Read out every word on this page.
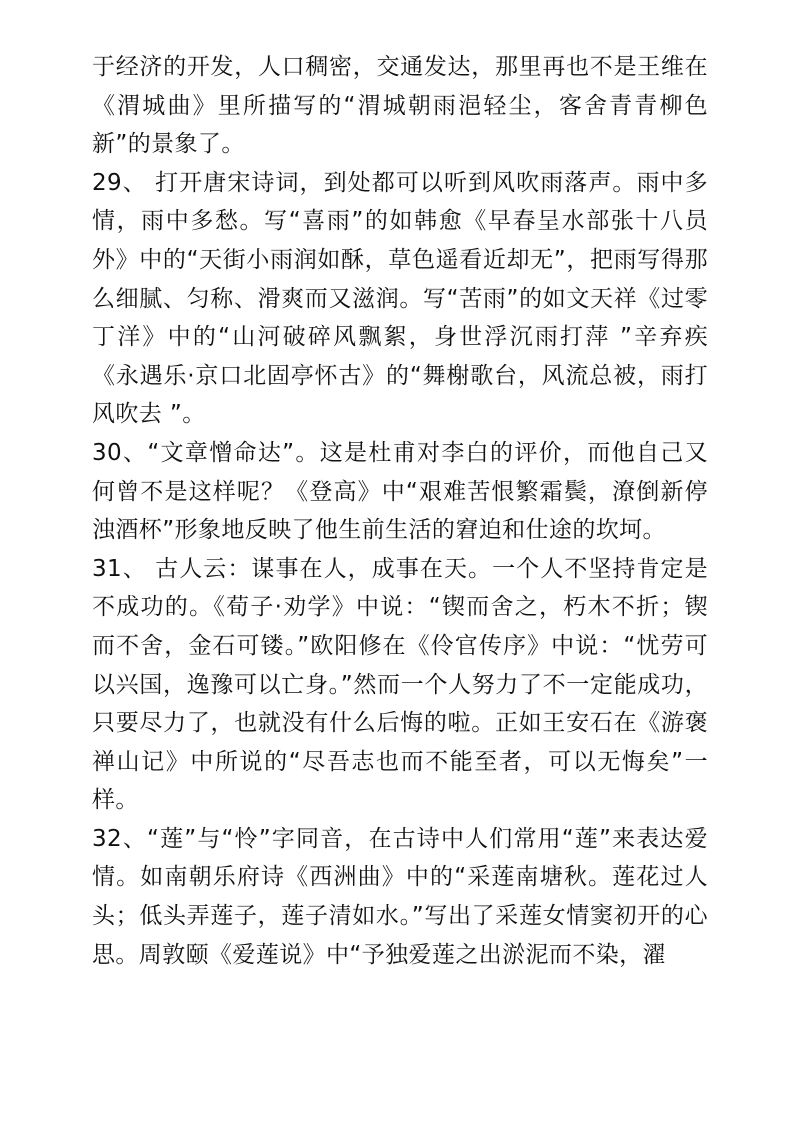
于经济的开发，人口稠密，交通发达，那里再也不是王维在《渭城曲》里所描写的“渭城朝雨浥轻尘，客舍青青柳色新”的景象了。

29、 打开唐宋诗词，到处都可以听到风吹雨落声。雨中多情，雨中多愁。写“喜雨”的如韩愈《早春呈水部张十八员外》中的“天街小雨润如酥，草色遥看近却无”，把雨写得那么细腻、匀称、滑爽而又滋润。写“苦雨”的如文天祥《过零丁洋》中的“山河破碎风飘絮，身世浮沉雨打萍 ”辛弃疾《永遇乐·京口北固亭怀古》的“舞榭歌台，风流总被，雨打风吹去 ”。

30、“文章憎命达”。这是杜甫对李白的评价，而他自己又何曾不是这样呢？《登高》中“艰难苦恨繁霜鬓，潦倒新停浊酒杯”形象地反映了他生前生活的窘迫和仕途的坎坷。

31、 古人云：谋事在人，成事在天。一个人不坚持肯定是不成功的。《荀子·劝学》中说：“锲而舍之，朽木不折；锲而不舍，金石可镂。”欧阳修在《伶官传序》中说：“忧劳可以兴国，逸豫可以亡身。”然而一个人努力了不一定能成功，只要尽力了，也就没有什么后悔的啦。正如王安石在《游褒禅山记》中所说的“尽吾志也而不能至者，可以无悔矣”一样。

32、“莲”与“怜”字同音，在古诗中人们常用“莲”来表达爱情。如南朝乐府诗《西洲曲》中的“采莲南塘秋。莲花过人头；低头弄莲子，莲子清如水。”写出了采莲女情窦初开的心思。周敦颐《爱莲说》中“予独爱莲之出淤泥而不染，濯
